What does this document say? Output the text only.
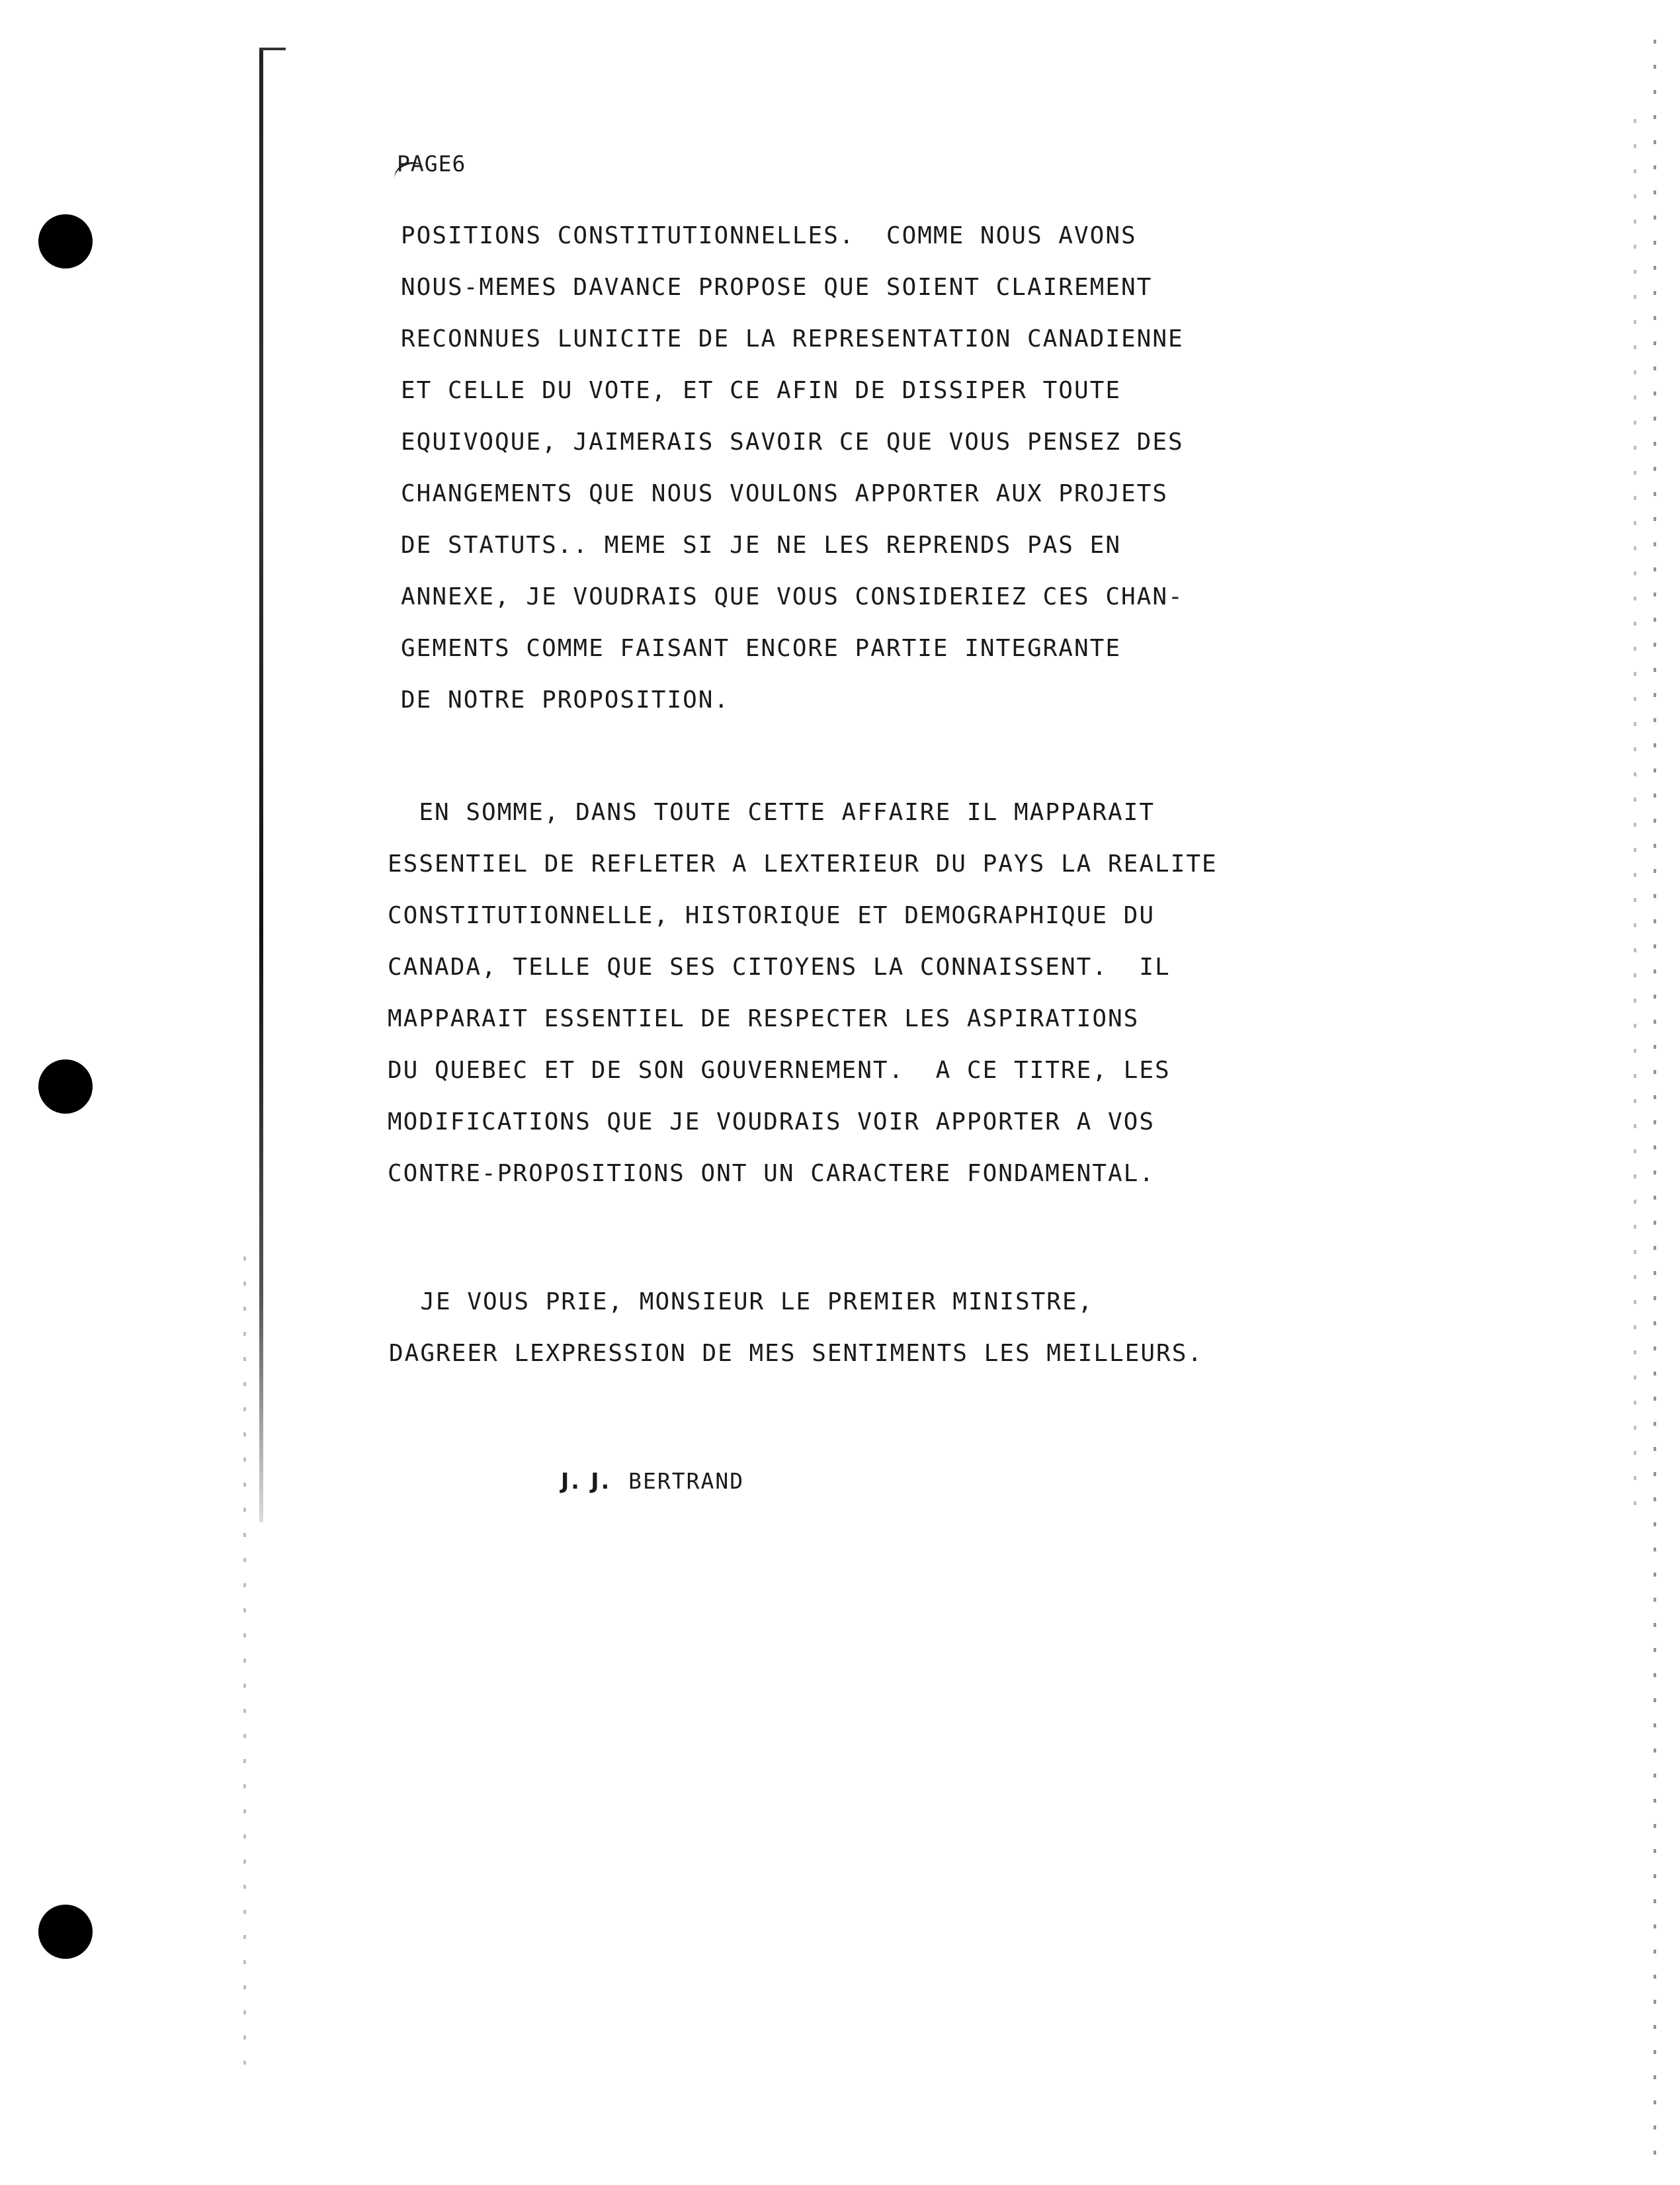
PAGE6
POSITIONS CONSTITUTIONNELLES.  COMME NOUS AVONS
NOUS-MEMES DAVANCE PROPOSE QUE SOIENT CLAIREMENT
RECONNUES LUNICITE DE LA REPRESENTATION CANADIENNE
ET CELLE DU VOTE, ET CE AFIN DE DISSIPER TOUTE
EQUIVOQUE, JAIMERAIS SAVOIR CE QUE VOUS PENSEZ DES
CHANGEMENTS QUE NOUS VOULONS APPORTER AUX PROJETS
DE STATUTS.. MEME SI JE NE LES REPRENDS PAS EN
ANNEXE, JE VOUDRAIS QUE VOUS CONSIDERIEZ CES CHAN-
GEMENTS COMME FAISANT ENCORE PARTIE INTEGRANTE
DE NOTRE PROPOSITION.
EN SOMME, DANS TOUTE CETTE AFFAIRE IL MAPPARAIT
ESSENTIEL DE REFLETER A LEXTERIEUR DU PAYS LA REALITE
CONSTITUTIONNELLE, HISTORIQUE ET DEMOGRAPHIQUE DU
CANADA, TELLE QUE SES CITOYENS LA CONNAISSENT.  IL
MAPPARAIT ESSENTIEL DE RESPECTER LES ASPIRATIONS
DU QUEBEC ET DE SON GOUVERNEMENT.  A CE TITRE, LES
MODIFICATIONS QUE JE VOUDRAIS VOIR APPORTER A VOS
CONTRE-PROPOSITIONS ONT UN CARACTERE FONDAMENTAL.
JE VOUS PRIE, MONSIEUR LE PREMIER MINISTRE,
DAGREER LEXPRESSION DE MES SENTIMENTS LES MEILLEURS.
J. J. BERTRAND
